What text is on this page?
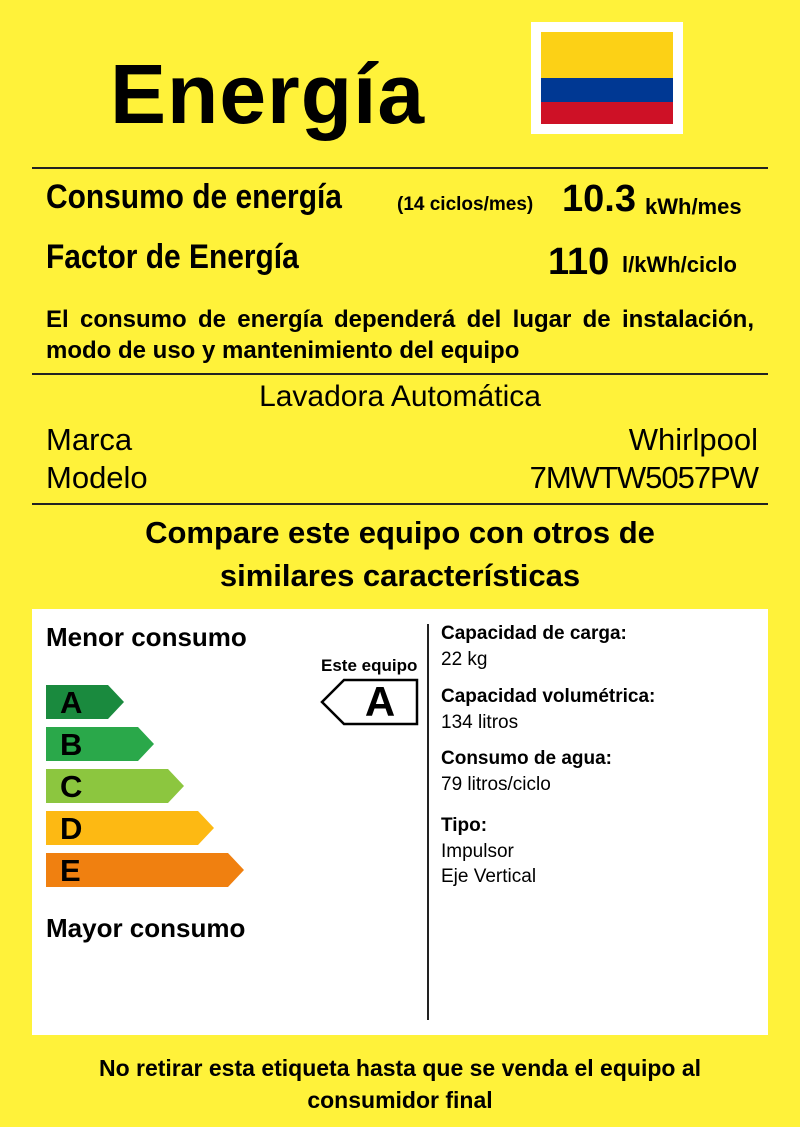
Energía
Consumo de energía	(14 ciclos/mes) 10.3 kWh/mes
Factor de Energía	110 l/kWh/ciclo
El consumo de energía dependerá del lugar de instalación, modo de uso y mantenimiento del equipo
Lavadora Automática
Marca	Whirlpool
Modelo	7MWTW5057PW
Compare este equipo con otros de
similares características
Menor consumo
A
B
C
D
E
Mayor consumo
Este equipo
A
Capacidad de carga:
22 kg
Capacidad volumétrica:
134 litros
Consumo de agua:
79 litros/ciclo
Tipo:
Impulsor
Eje Vertical
No retirar esta etiqueta hasta que se venda el equipo al
consumidor final
